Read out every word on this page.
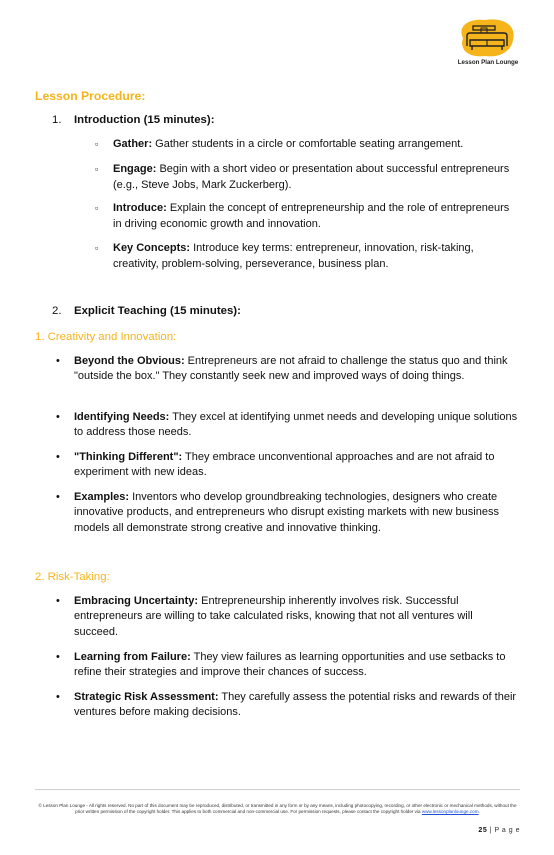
Lesson Plan Lounge
Lesson Procedure:
1. Introduction (15 minutes):
▫ Gather: Gather students in a circle or comfortable seating arrangement.
▫ Engage: Begin with a short video or presentation about successful entrepreneurs (e.g., Steve Jobs, Mark Zuckerberg).
▫ Introduce: Explain the concept of entrepreneurship and the role of entrepreneurs in driving economic growth and innovation.
▫ Key Concepts: Introduce key terms: entrepreneur, innovation, risk-taking, creativity, problem-solving, perseverance, business plan.
2. Explicit Teaching (15 minutes):
1. Creativity and Innovation:
• Beyond the Obvious: Entrepreneurs are not afraid to challenge the status quo and think "outside the box." They constantly seek new and improved ways of doing things.
• Identifying Needs: They excel at identifying unmet needs and developing unique solutions to address those needs.
• "Thinking Different": They embrace unconventional approaches and are not afraid to experiment with new ideas.
• Examples: Inventors who develop groundbreaking technologies, designers who create innovative products, and entrepreneurs who disrupt existing markets with new business models all demonstrate strong creative and innovative thinking.
2. Risk-Taking:
• Embracing Uncertainty: Entrepreneurship inherently involves risk. Successful entrepreneurs are willing to take calculated risks, knowing that not all ventures will succeed.
• Learning from Failure: They view failures as learning opportunities and use setbacks to refine their strategies and improve their chances of success.
• Strategic Risk Assessment: They carefully assess the potential risks and rewards of their ventures before making decisions.
© Lesson Plan Lounge - All rights reserved. No part of this document may be reproduced, distributed, or transmitted in any form or by any means, including photocopying, recording, or other electronic or mechanical methods, without the prior written permission of the copyright holder. This applies to both commercial and non-commercial use. For permission requests, please contact the copyright holder via www.lessonplanlounge.com.
25 | P a g e
